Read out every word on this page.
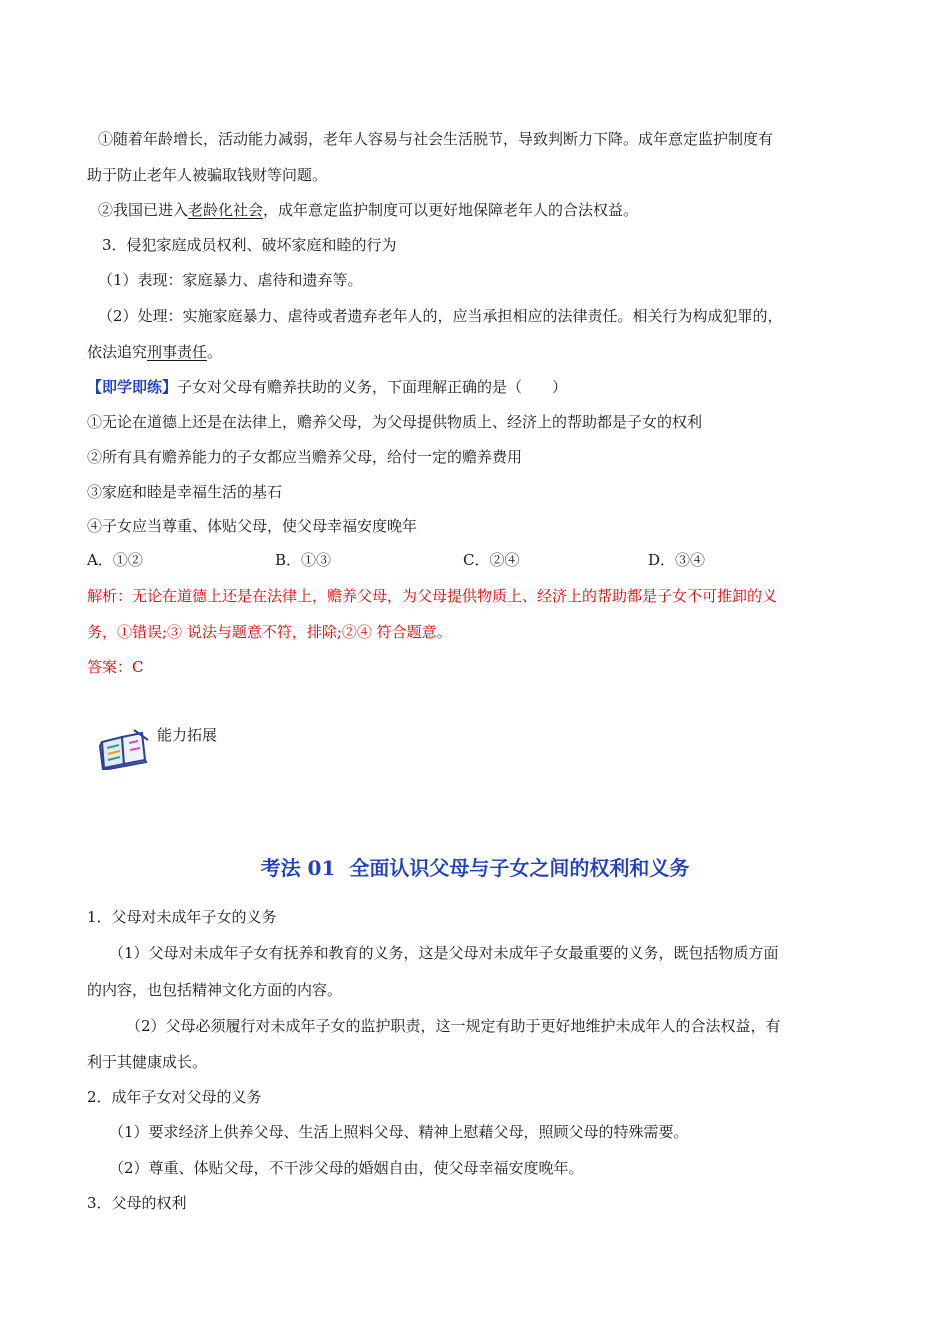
①随着年龄增长，活动能力减弱，老年人容易与社会生活脱节，导致判断力下降。成年意定监护制度有
助于防止老年人被骗取钱财等问题。
②我国已进入老龄化社会，成年意定监护制度可以更好地保障老年人的合法权益。
3．侵犯家庭成员权利、破坏家庭和睦的行为
（1）表现：家庭暴力、虐待和遗弃等。
（2）处理：实施家庭暴力、虐待或者遗弃老年人的，应当承担相应的法律责任。相关行为构成犯罪的，
依法追究刑事责任。
【即学即练】子女对父母有赡养扶助的义务，下面理解正确的是（　　）
①无论在道德上还是在法律上，赡养父母，为父母提供物质上、经济上的帮助都是子女的权利
②所有具有赡养能力的子女都应当赡养父母，给付一定的赡养费用
③家庭和睦是幸福生活的基石
④子女应当尊重、体贴父母，使父母幸福安度晚年
A．①②	B．①③	C．②④	D．③④
解析：无论在道德上还是在法律上，赡养父母，为父母提供物质上、经济上的帮助都是子女不可推卸的义
务，①错误;③ 说法与题意不符，排除;②④ 符合题意。
答案：C
能力拓展
考法 01 全面认识父母与子女之间的权利和义务
1．父母对未成年子女的义务
（1）父母对未成年子女有抚养和教育的义务，这是父母对未成年子女最重要的义务，既包括物质方面
的内容，也包括精神文化方面的内容。
（2）父母必须履行对未成年子女的监护职责，这一规定有助于更好地维护未成年人的合法权益，有
利于其健康成长。
2．成年子女对父母的义务
（1）要求经济上供养父母、生活上照料父母、精神上慰藉父母，照顾父母的特殊需要。
（2）尊重、体贴父母，不干涉父母的婚姻自由，使父母幸福安度晚年。
3．父母的权利
